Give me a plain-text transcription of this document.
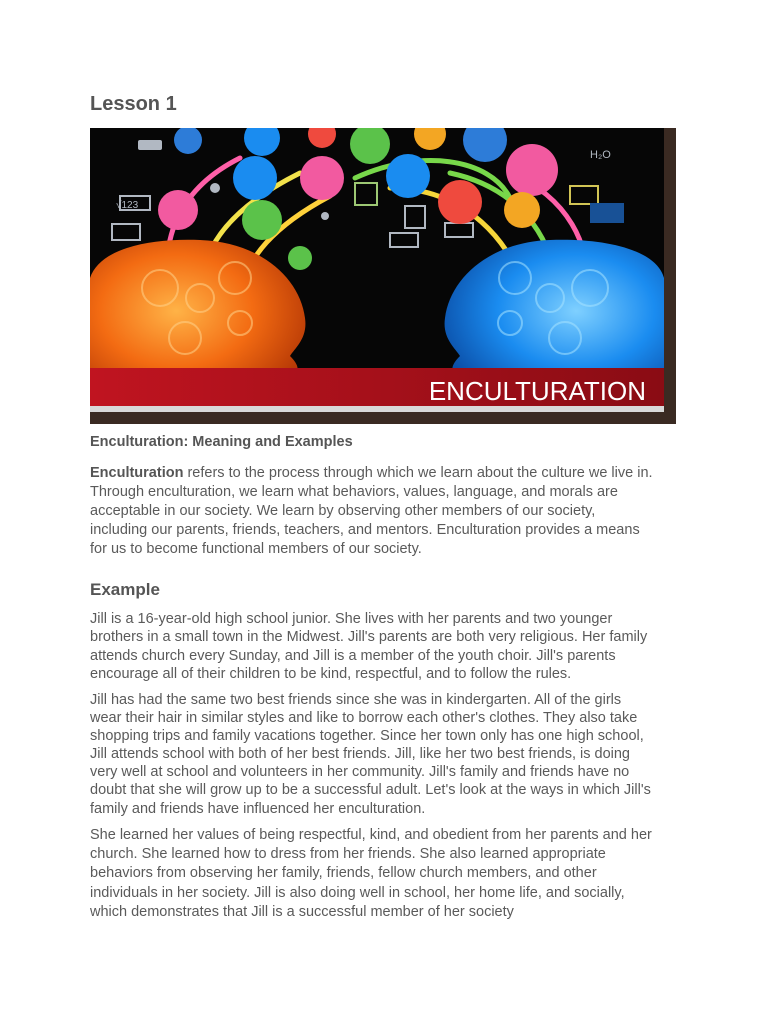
Lesson 1
H₂O
√123
ENCULTURATION
Enculturation: Meaning and Examples

Enculturation refers to the process through which we learn about the culture we live in.
Through enculturation, we learn what behaviors, values, language, and morals are
acceptable in our society. We learn by observing other members of our society,
including our parents, friends, teachers, and mentors. Enculturation provides a means
for us to become functional members of our society.

Example

Jill is a 16-year-old high school junior. She lives with her parents and two younger
brothers in a small town in the Midwest. Jill's parents are both very religious. Her family
attends church every Sunday, and Jill is a member of the youth choir. Jill's parents
encourage all of their children to be kind, respectful, and to follow the rules.

Jill has had the same two best friends since she was in kindergarten. All of the girls
wear their hair in similar styles and like to borrow each other's clothes. They also take
shopping trips and family vacations together. Since her town only has one high school,
Jill attends school with both of her best friends. Jill, like her two best friends, is doing
very well at school and volunteers in her community. Jill's family and friends have no
doubt that she will grow up to be a successful adult. Let's look at the ways in which Jill's
family and friends have influenced her enculturation.

She learned her values of being respectful, kind, and obedient from her parents and her
church. She learned how to dress from her friends. She also learned appropriate
behaviors from observing her family, friends, fellow church members, and other
individuals in her society. Jill is also doing well in school, her home life, and socially,
which demonstrates that Jill is a successful member of her society
